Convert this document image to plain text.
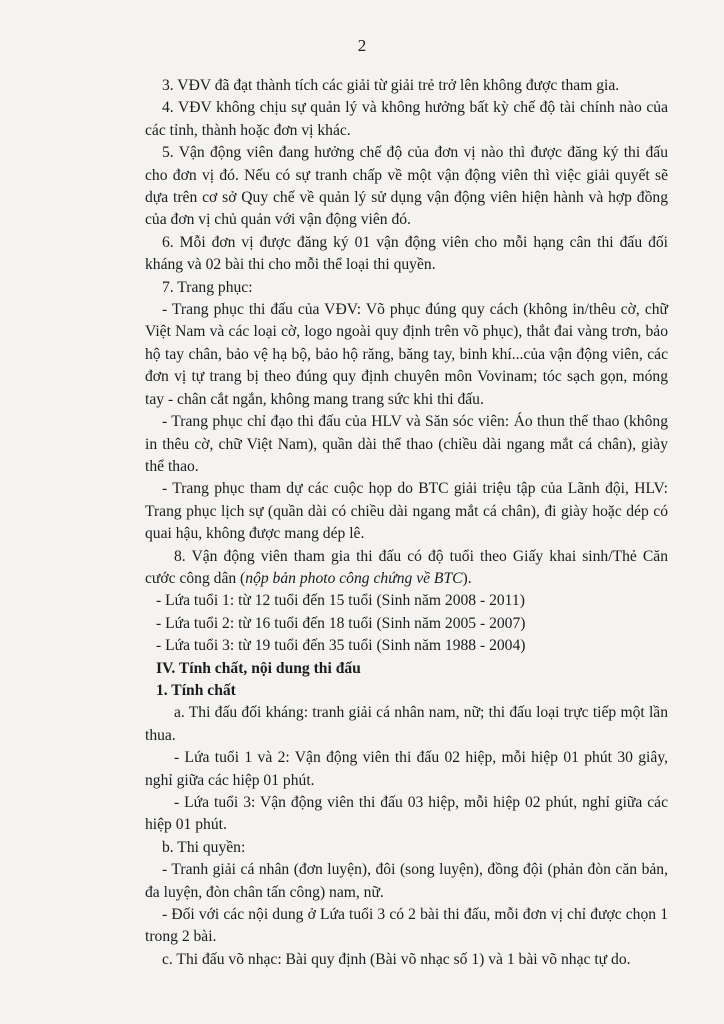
2

3. VĐV đã đạt thành tích các giải từ giải trẻ trở lên không được tham gia.

4. VĐV không chịu sự quản lý và không hưởng bất kỳ chế độ tài chính nào của các tỉnh, thành hoặc đơn vị khác.

5. Vận động viên đang hưởng chế độ của đơn vị nào thì được đăng ký thi đấu cho đơn vị đó. Nếu có sự tranh chấp về một vận động viên thì việc giải quyết sẽ dựa trên cơ sở Quy chế về quản lý sử dụng vận động viên hiện hành và hợp đồng của đơn vị chủ quản với vận động viên đó.

6. Mỗi đơn vị được đăng ký 01 vận động viên cho mỗi hạng cân thi đấu đối kháng và 02 bài thi cho mỗi thể loại thi quyền.

7. Trang phục:

- Trang phục thi đấu của VĐV: Võ phục đúng quy cách (không in/thêu cờ, chữ Việt Nam và các loại cờ, logo ngoài quy định trên võ phục), thắt đai vàng trơn, bảo hộ tay chân, bảo vệ hạ bộ, bảo hộ răng, băng tay, binh khí...của vận động viên, các đơn vị tự trang bị theo đúng quy định chuyên môn Vovinam; tóc sạch gọn, móng tay - chân cắt ngắn, không mang trang sức khi thi đấu.

- Trang phục chỉ đạo thi đấu của HLV và Săn sóc viên: Áo thun thể thao (không in thêu cờ, chữ Việt Nam), quần dài thể thao (chiều dài ngang mắt cá chân), giày thể thao.

- Trang phục tham dự các cuộc họp do BTC giải triệu tập của Lãnh đội, HLV: Trang phục lịch sự (quần dài có chiều dài ngang mắt cá chân), đi giày hoặc dép có quai hậu, không được mang dép lê.

8. Vận động viên tham gia thi đấu có độ tuổi theo Giấy khai sinh/Thẻ Căn cước công dân (nộp bản photo công chứng về BTC).

- Lứa tuổi 1: từ 12 tuổi đến 15 tuổi (Sinh năm 2008 - 2011)

- Lứa tuổi 2: từ 16 tuổi đến 18 tuổi (Sinh năm 2005 - 2007)

- Lứa tuổi 3: từ 19 tuổi đến 35 tuổi (Sinh năm 1988 - 2004)

IV. Tính chất, nội dung thi đấu

1. Tính chất

a. Thi đấu đối kháng: tranh giải cá nhân nam, nữ; thi đấu loại trực tiếp một lần thua.

- Lứa tuổi 1 và 2: Vận động viên thi đấu 02 hiệp, mỗi hiệp 01 phút 30 giây, nghỉ giữa các hiệp 01 phút.

- Lứa tuổi 3: Vận động viên thi đấu 03 hiệp, mỗi hiệp 02 phút, nghỉ giữa các hiệp 01 phút.

b. Thi quyền:

- Tranh giải cá nhân (đơn luyện), đôi (song luyện), đồng đội (phản đòn căn bản, đa luyện, đòn chân tấn công) nam, nữ.

- Đối với các nội dung ở Lứa tuổi 3 có 2 bài thi đấu, mỗi đơn vị chỉ được chọn 1 trong 2 bài.

c. Thi đấu võ nhạc: Bài quy định (Bài võ nhạc số 1) và 1 bài võ nhạc tự do.
